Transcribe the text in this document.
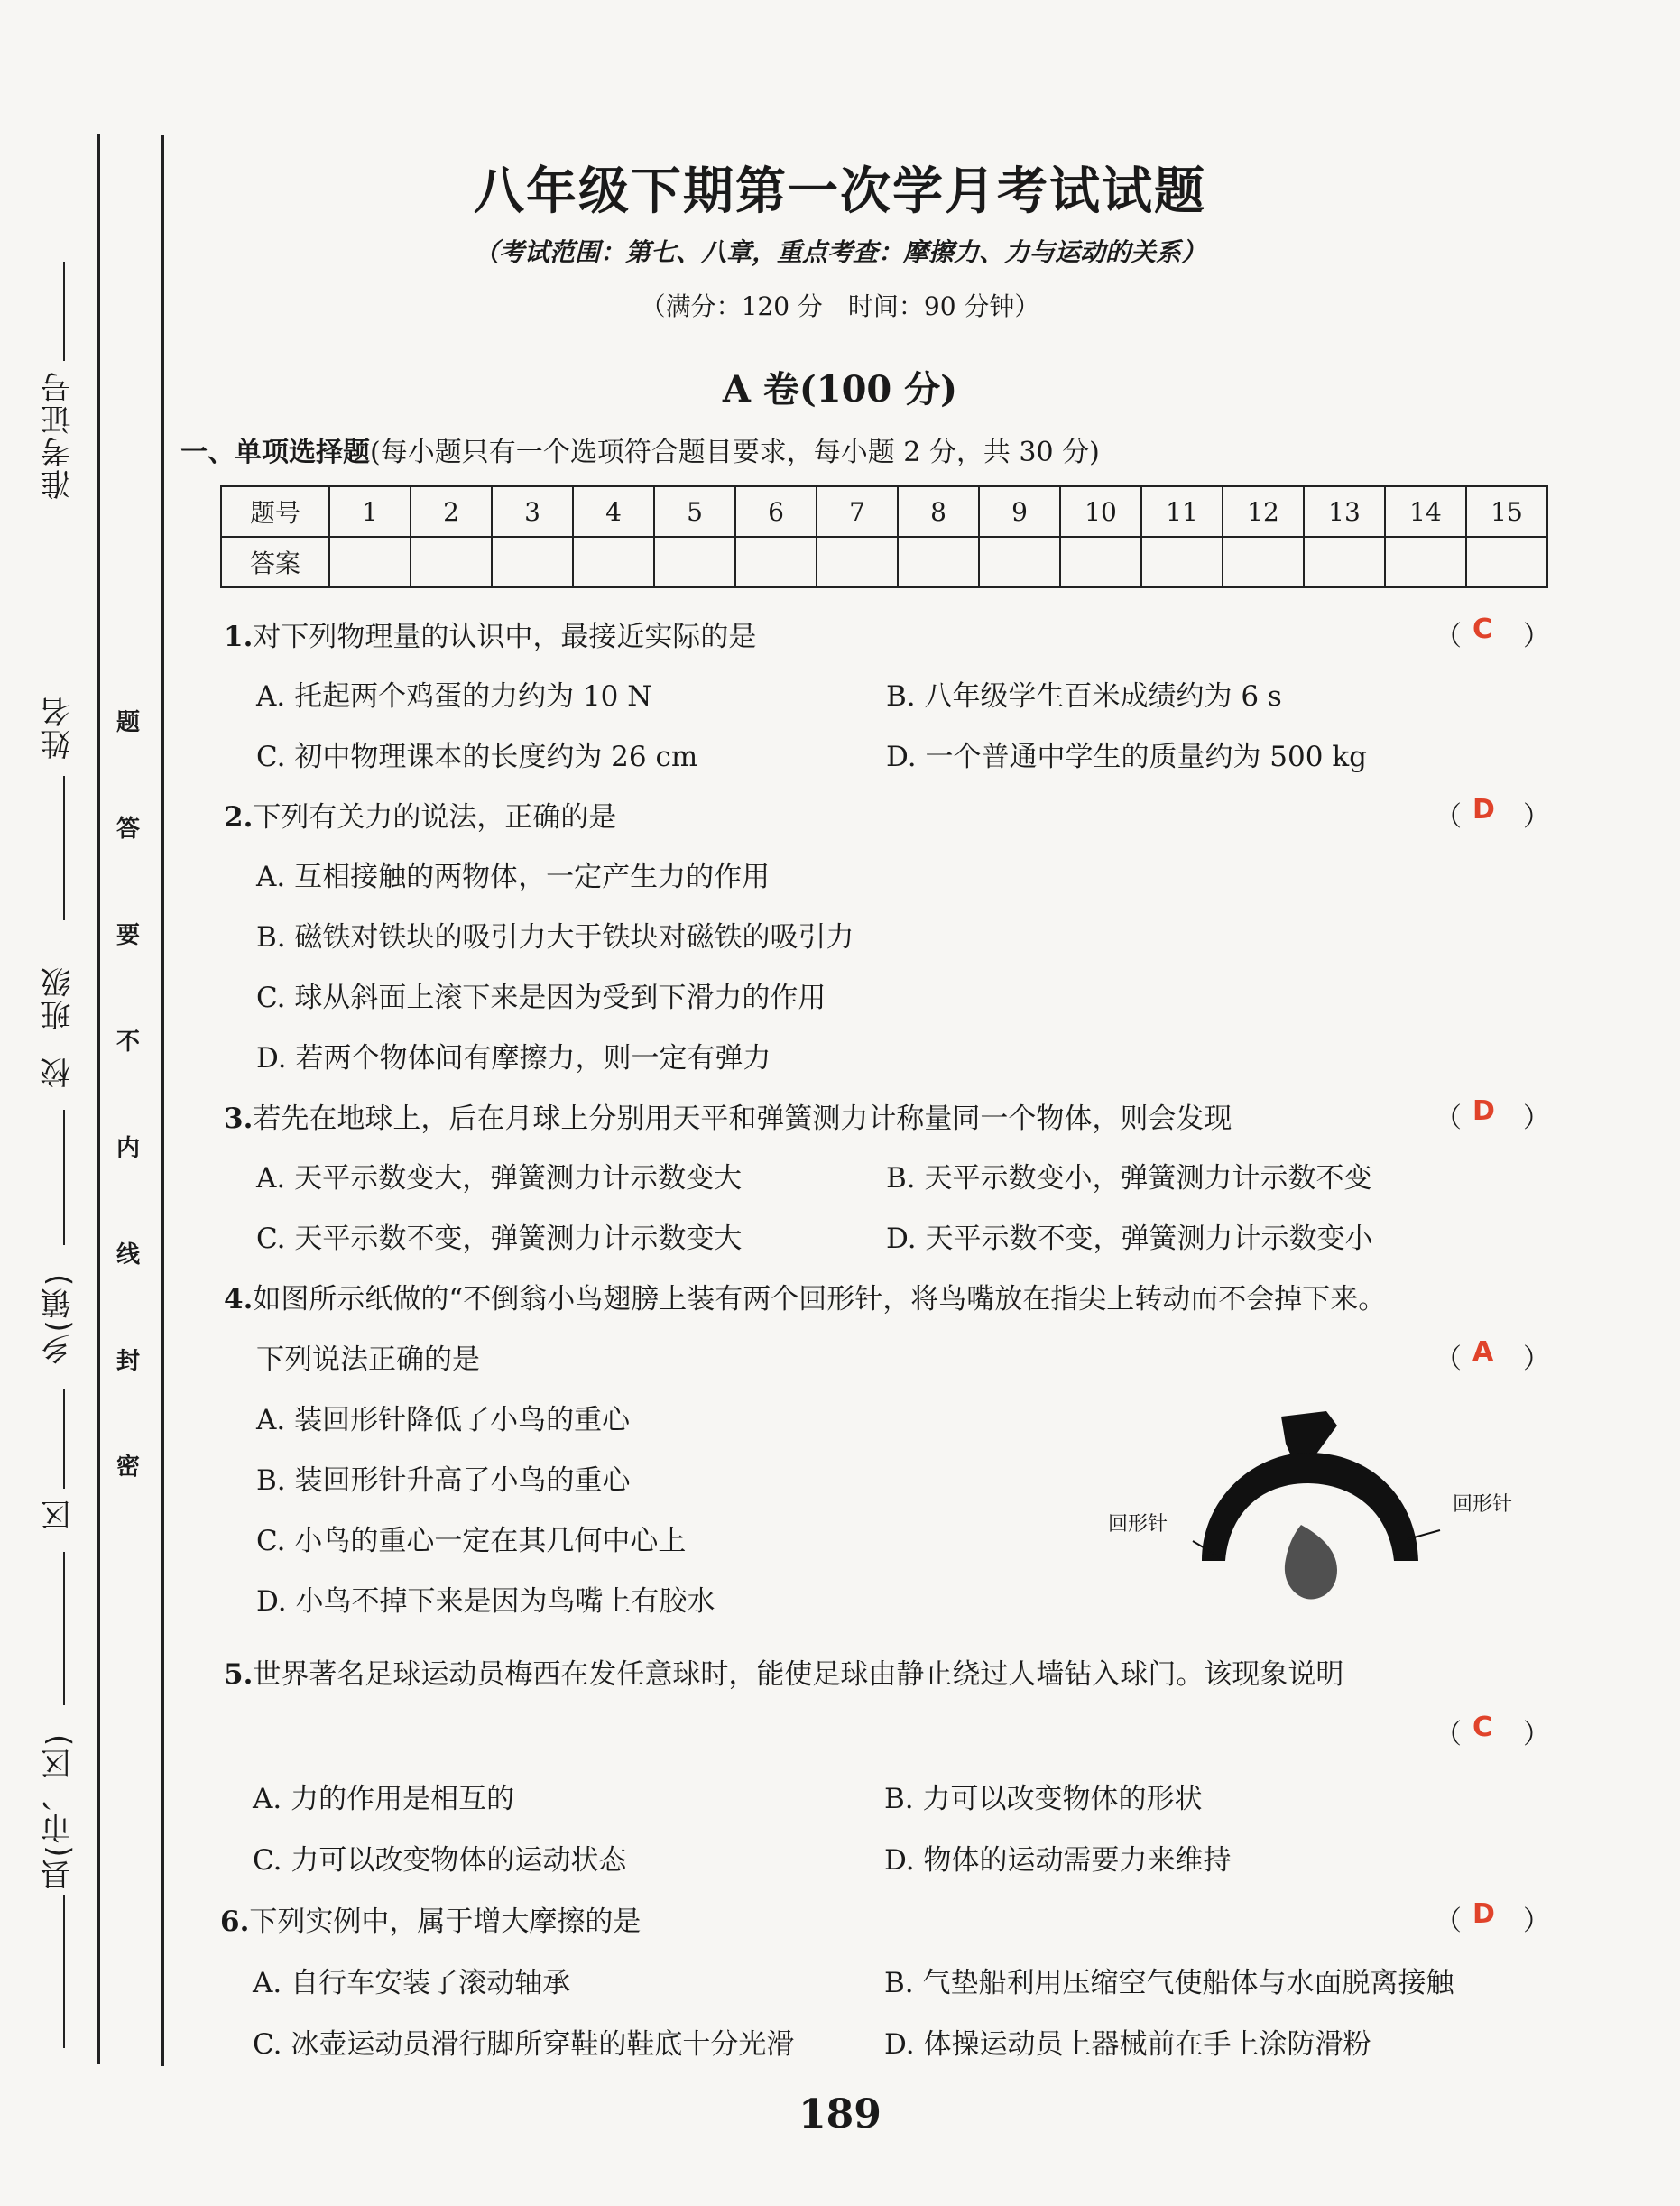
准考证号
姓名
班级
校
乡(镇)
区
县(市、区)
密
封
线
内
不
要
答
题
八年级下期第一次学月考试试题
（考试范围：第七、八章，重点考查：摩擦力、力与运动的关系）
（满分：120 分　时间：90 分钟）
A 卷(100 分)
一、单项选择题(每小题只有一个选项符合题目要求，每小题 2 分，共 30 分)
题号	1	2	3	4	5	6	7	8	9	10	11	12	13	14	15
答案															
1.对下列物理量的认识中，最接近实际的是	（ C ）
A. 托起两个鸡蛋的力约为 10 N	B. 八年级学生百米成绩约为 6 s
C. 初中物理课本的长度约为 26 cm	D. 一个普通中学生的质量约为 500 kg
2.下列有关力的说法，正确的是	（ D ）
A. 互相接触的两物体，一定产生力的作用
B. 磁铁对铁块的吸引力大于铁块对磁铁的吸引力
C. 球从斜面上滚下来是因为受到下滑力的作用
D. 若两个物体间有摩擦力，则一定有弹力
3.若先在地球上，后在月球上分别用天平和弹簧测力计称量同一个物体，则会发现	（ D ）
A. 天平示数变大，弹簧测力计示数变大	B. 天平示数变小，弹簧测力计示数不变
C. 天平示数不变，弹簧测力计示数变大	D. 天平示数不变，弹簧测力计示数变小
4.如图所示纸做的“不倒翁小鸟翅膀上装有两个回形针，将鸟嘴放在指尖上转动而不会掉下来。
下列说法正确的是	（ A ）
A. 装回形针降低了小鸟的重心
B. 装回形针升高了小鸟的重心
C. 小鸟的重心一定在其几何中心上
D. 小鸟不掉下来是因为鸟嘴上有胶水
回形针
回形针
5.世界著名足球运动员梅西在发任意球时，能使足球由静止绕过人墙钻入球门。该现象说明
（ C ）
A. 力的作用是相互的	B. 力可以改变物体的形状
C. 力可以改变物体的运动状态	D. 物体的运动需要力来维持
6.下列实例中，属于增大摩擦的是	（ D ）
A. 自行车安装了滚动轴承	B. 气垫船利用压缩空气使船体与水面脱离接触
C. 冰壶运动员滑行脚所穿鞋的鞋底十分光滑	D. 体操运动员上器械前在手上涂防滑粉
189
